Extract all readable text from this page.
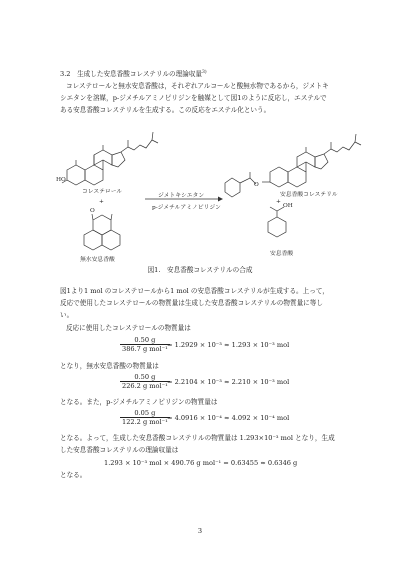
3.2　生成した安息香酸コレステリルの理論収量$^{3)}$
コレステロールと無水安息香酸は，それぞれアルコールと酸無水物であるから，ジメトキ
シエタンを溶媒，p-ジメチルアミノピリジンを触媒として図1のように反応し，エステルで
ある安息香酸コレステリルを生成する。この反応をエステル化という。
HO
O
O
OH
コレステロール
+
無水安息香酸
安息香酸コレステリル
+
安息香酸
ジメトキシエタン
p-ジメチルアミノピリジン
図1.　安息香酸コレステリルの合成
図1より1 mol のコレステロールから1 mol の安息香酸コレステリルが生成する。上って，
反応で使用したコレステロールの物質量は生成した安息香酸コレステリルの物質量に等し
い。
反応に使用したコレステロールの物質量は
0.50 g
386.7 g mol⁻¹ = 1.2929 × 10⁻³ ≈ 1.293 × 10⁻³ mol
となり，無水安息香酸の物質量は
0.50 g
226.2 g mol⁻¹ = 2.2104 × 10⁻³ ≈ 2.210 × 10⁻³ mol
となる。また，p-ジメチルアミノピリジンの物質量は
0.05 g
122.2 g mol⁻¹ = 4.0916 × 10⁻⁴ ≈ 4.092 × 10⁻⁴ mol
となる。よって，生成した安息香酸コレステリルの物質量は 1.293×10⁻³ mol となり，生成
した安息香酸コレステリルの理論収量は
1.293 × 10⁻³ mol × 490.76 g mol⁻¹ = 0.63455 ≈ 0.6346 g
となる。
3
